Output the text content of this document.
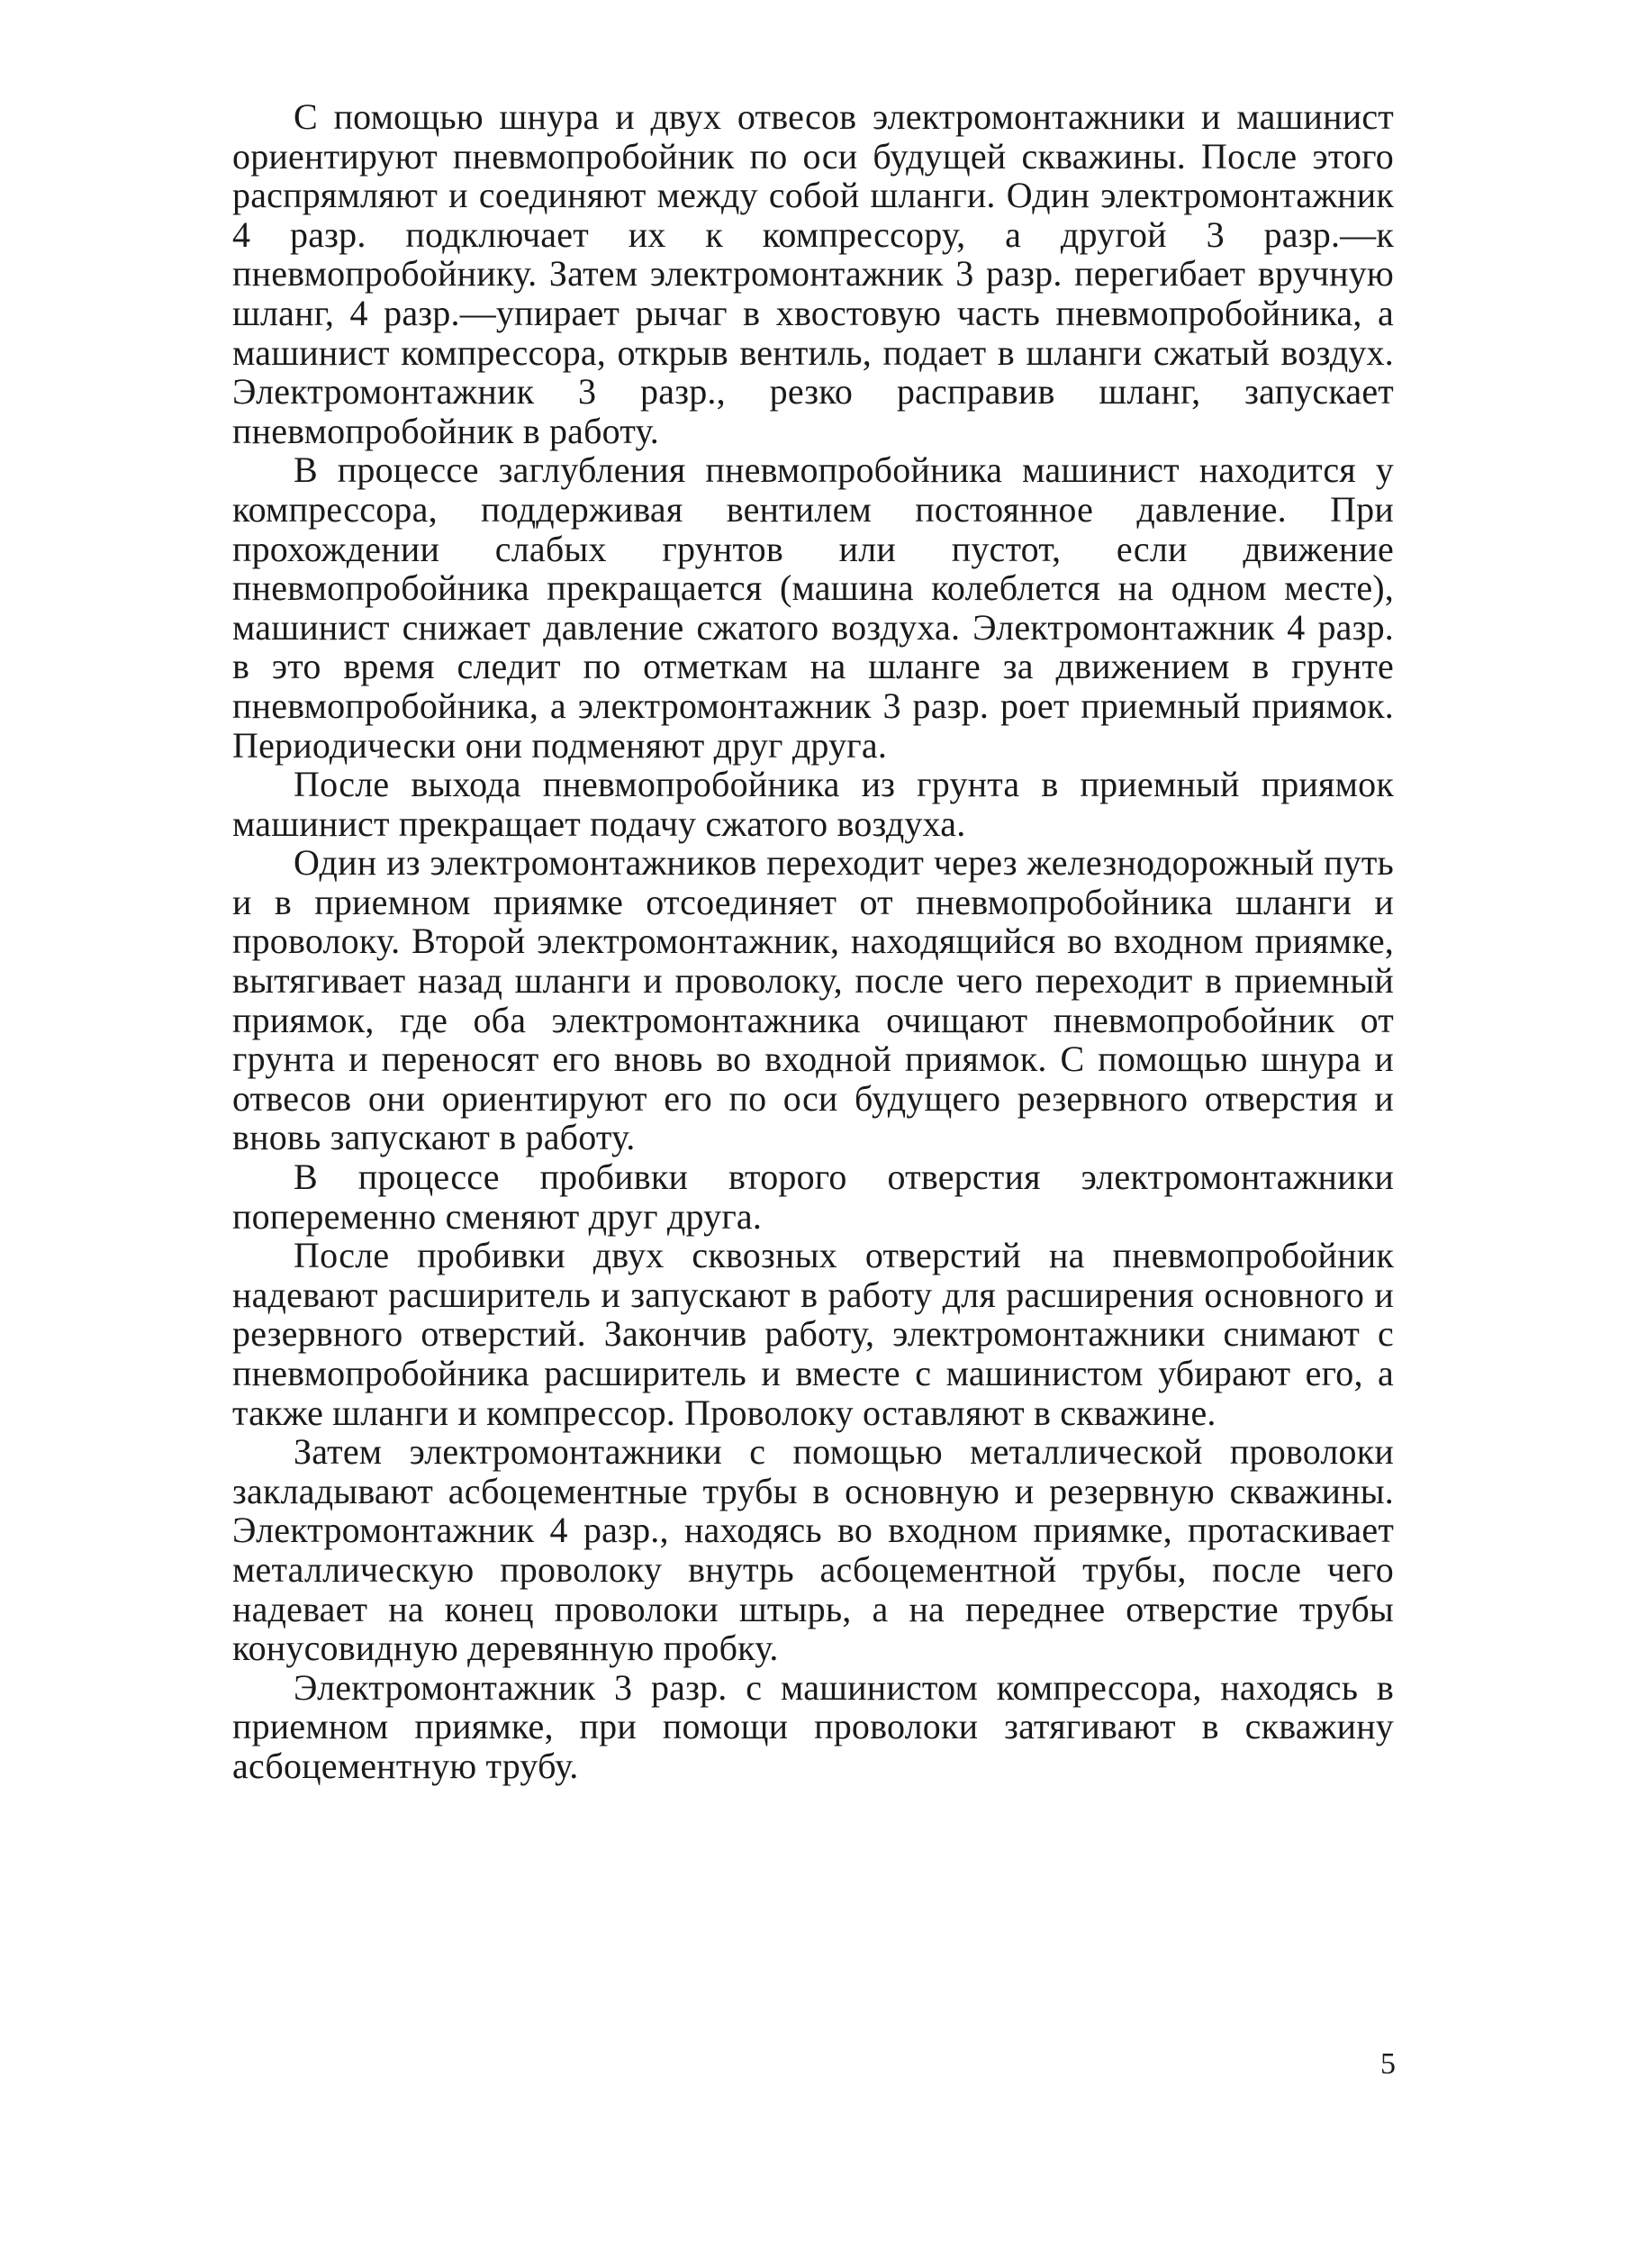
С помощью шнура и двух отвесов электромонтажники и машинист ориентируют пневмопробойник по оси будущей скважины. После этого распрямляют и соединяют между собой шланги. Один электромонтажник 4 разр. подключает их к компрессору, а другой 3 разр.—к пневмопробойнику. Затем электромонтажник 3 разр. перегибает вручную шланг, 4 разр.—упирает рычаг в хвостовую часть пневмопробойника, а машинист компрессора, открыв вентиль, подает в шланги сжатый воздух. Электромонтажник 3 разр., резко расправив шланг, запускает пневмопробойник в работу.

В процессе заглубления пневмопробойника машинист находится у компрессора, поддерживая вентилем постоянное давление. При прохождении слабых грунтов или пустот, если движение пневмопробойника прекращается (машина колеблется на одном месте), машинист снижает давление сжатого воздуха. Электромонтажник 4 разр. в это время следит по отметкам на шланге за движением в грунте пневмопробойника, а электромонтажник 3 разр. роет приемный приямок. Периодически они подменяют друг друга.

После выхода пневмопробойника из грунта в приемный приямок машинист прекращает подачу сжатого воздуха.

Один из электромонтажников переходит через железнодорожный путь и в приемном приямке отсоединяет от пневмопробойника шланги и проволоку. Второй электромонтажник, находящийся во входном приямке, вытягивает назад шланги и проволоку, после чего переходит в приемный приямок, где оба электромонтажника очищают пневмопробойник от грунта и переносят его вновь во входной приямок. С помощью шнура и отвесов они ориентируют его по оси будущего резервного отверстия и вновь запускают в работу.

В процессе пробивки второго отверстия электромонтажники попеременно сменяют друг друга.

После пробивки двух сквозных отверстий на пневмопробойник надевают расширитель и запускают в работу для расширения основного и резервного отверстий. Закончив работу, электромонтажники снимают с пневмопробойника расширитель и вместе с машинистом убирают его, а также шланги и компрессор. Проволоку оставляют в скважине.

Затем электромонтажники с помощью металлической проволоки закладывают асбоцементные трубы в основную и резервную скважины. Электромонтажник 4 разр., находясь во входном приямке, протаскивает металлическую проволоку внутрь асбоцементной трубы, после чего надевает на конец проволоки штырь, а на переднее отверстие трубы конусовидную деревянную пробку.

Электромонтажник 3 разр. с машинистом компрессора, находясь в приемном приямке, при помощи проволоки затягивают в скважину асбоцементную трубу.

5
